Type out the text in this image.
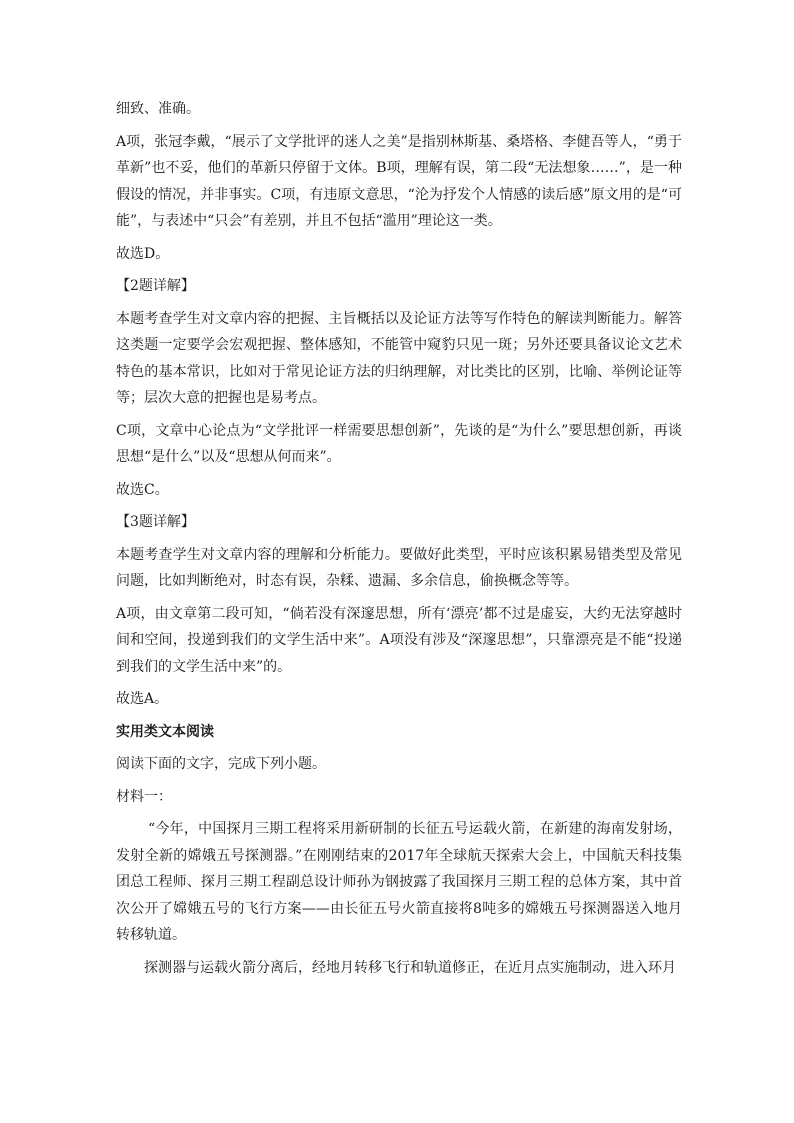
细致、准确。

A项，张冠李戴，“展示了文学批评的迷人之美”是指别林斯基、桑塔格、李健吾等人，“勇于革新”也不妥，他们的革新只停留于文体。B项，理解有误，第二段“无法想象……”，是一种假设的情况，并非事实。C项，有违原文意思，“沦为抒发个人情感的读后感”原文用的是“可能”，与表述中“只会”有差别，并且不包括“滥用”理论这一类。

故选D。

【2题详解】

本题考查学生对文章内容的把握、主旨概括以及论证方法等写作特色的解读判断能力。解答这类题一定要学会宏观把握、整体感知，不能管中窥豹只见一斑；另外还要具备议论文艺术特色的基本常识，比如对于常见论证方法的归纳理解，对比类比的区别，比喻、举例论证等等；层次大意的把握也是易考点。

C项，文章中心论点为“文学批评一样需要思想创新”，先谈的是“为什么”要思想创新，再谈思想“是什么”以及“思想从何而来”。

故选C。

【3题详解】

本题考查学生对文章内容的理解和分析能力。要做好此类型，平时应该积累易错类型及常见问题，比如判断绝对，时态有误，杂糅、遗漏、多余信息，偷换概念等等。

A项，由文章第二段可知，“倘若没有深邃思想，所有‘漂亮’都不过是虚妄，大约无法穿越时间和空间，投递到我们的文学生活中来”。A项没有涉及“深邃思想”，只靠漂亮是不能“投递到我们的文学生活中来”的。

故选A。

实用类文本阅读

阅读下面的文字，完成下列小题。

材料一：

“今年，中国探月三期工程将采用新研制的长征五号运载火箭，在新建的海南发射场，发射全新的嫦娥五号探测器。”在刚刚结束的2017年全球航天探索大会上，中国航天科技集团总工程师、探月三期工程副总设计师孙为钢披露了我国探月三期工程的总体方案，其中首次公开了嫦娥五号的飞行方案——由长征五号火箭直接将8吨多的嫦娥五号探测器送入地月转移轨道。

探测器与运载火箭分离后，经地月转移飞行和轨道修正，在近月点实施制动，进入环月
